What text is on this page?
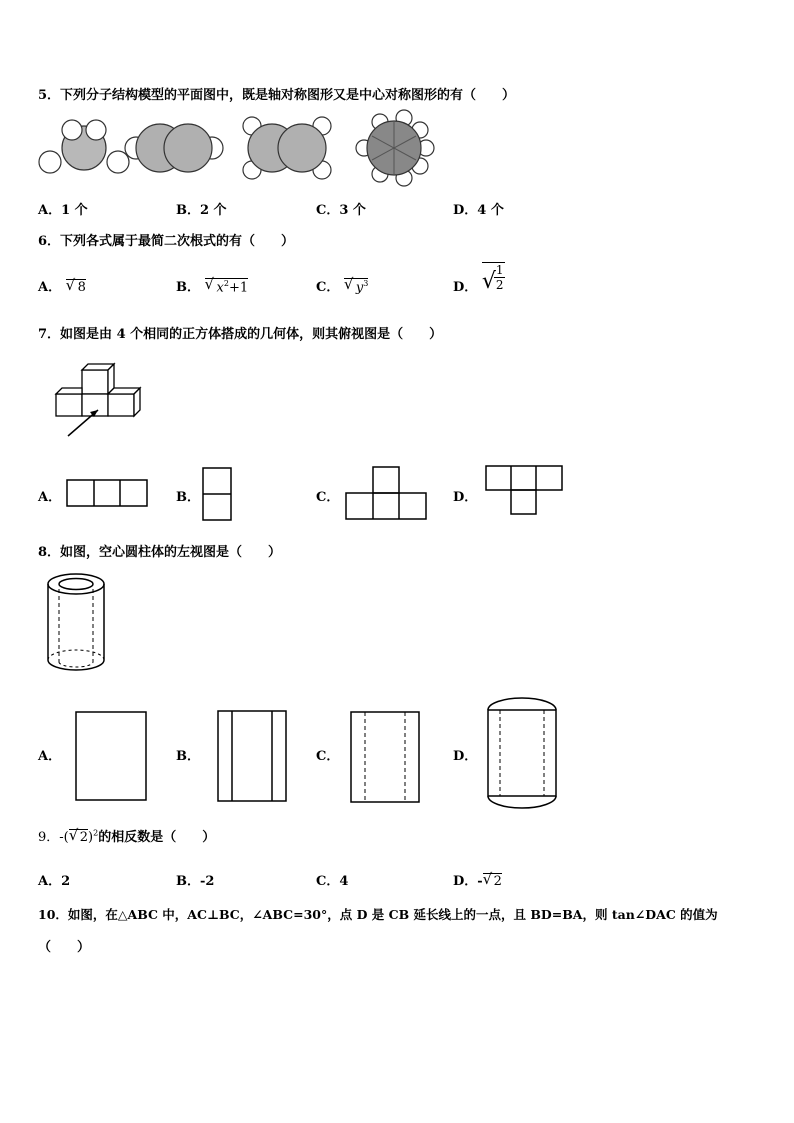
5．下列分子结构模型的平面图中，既是轴对称图形又是中心对称图形的有（　　）
A．1 个	B．2 个	C．3 个	D．4 个
6．下列各式属于最简二次根式的有（　　）
A． √ 8	B． √ $x^2+1$	C． √ $y^3$	D． √
$\frac{1}{2}$
7．如图是由 4 个相同的正方体搭成的几何体，则其俯视图是（　　）
A．	B．	C．	D．
8．如图，空心圆柱体的左视图是（　　）
A．	B．	C．	D．
9．-( √ 2)$^2$的相反数是（　　）
A．2	B．-2	C．4	D．- √ 2
10．如图，在△ABC 中，AC⊥BC，∠ABC=30°，点 D 是 CB 延长线上的一点，且 BD=BA，则 tan∠DAC 的值为
（　　）
